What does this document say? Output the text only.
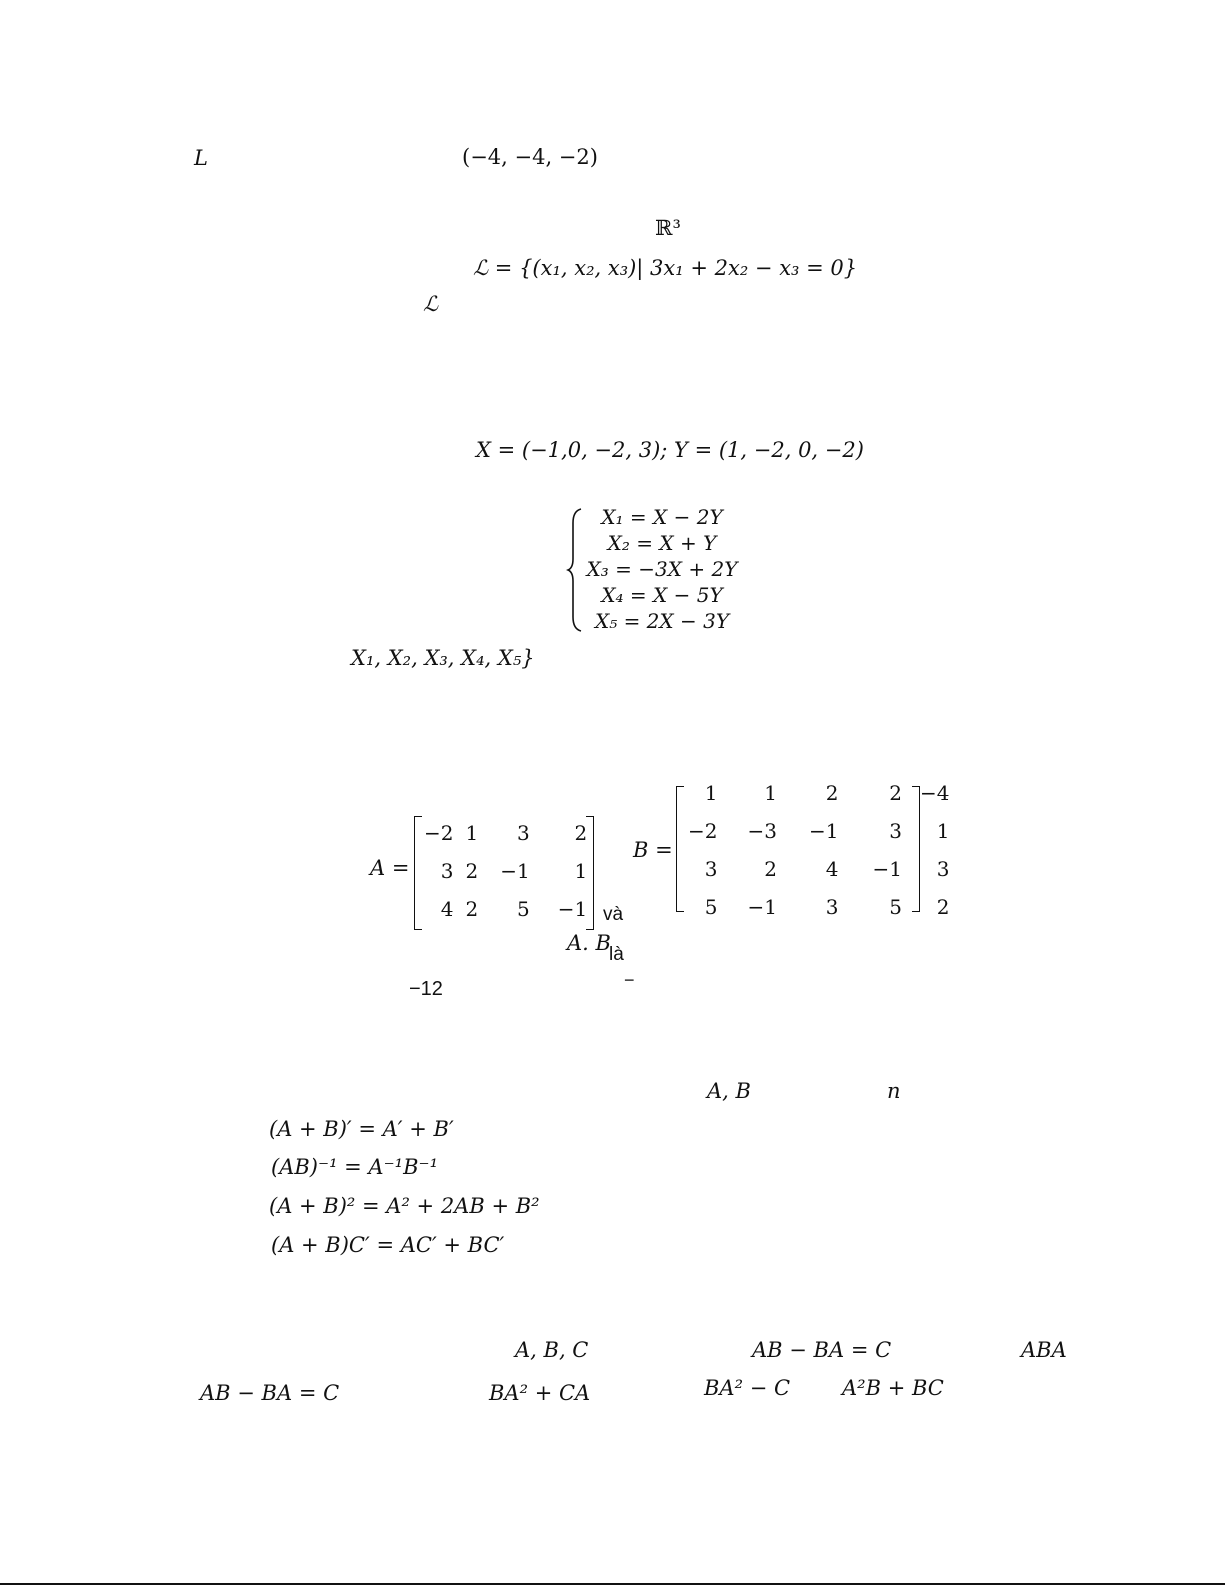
L	(−4, −4, −2)
ℝ³
ℒ = {(x₁, x₂, x₃)| 3x₁ + 2x₂ − x₃ = 0}
ℒ
X = (−1,0, −2, 3); Y = (1, −2, 0, −2)
X₁ = X − 2Y
X₂ = X + Y
X₃ = −3X + 2Y
X₄ = X − 5Y
X₅ = 2X − 3Y
X₁, X₂, X₃, X₄, X₅}
A =
−2	1	3	2
3	2	−1	1
4	2	5	−1 và
B =
1	1	2	2	−4
−2	−3	−1	3	1
3	2	4	−1	3
5	−1	3	5	2
A. B
là
−12	−
A, B	n
(A + B)′ = A′ + B′
(AB)⁻¹ = A⁻¹B⁻¹
(A + B)² = A² + 2AB + B²
(A + B)C′ = AC′ + BC′
A, B, C	AB − BA = C	ABA
AB − BA = C	BA² + CA	BA² − C A²B + BC
